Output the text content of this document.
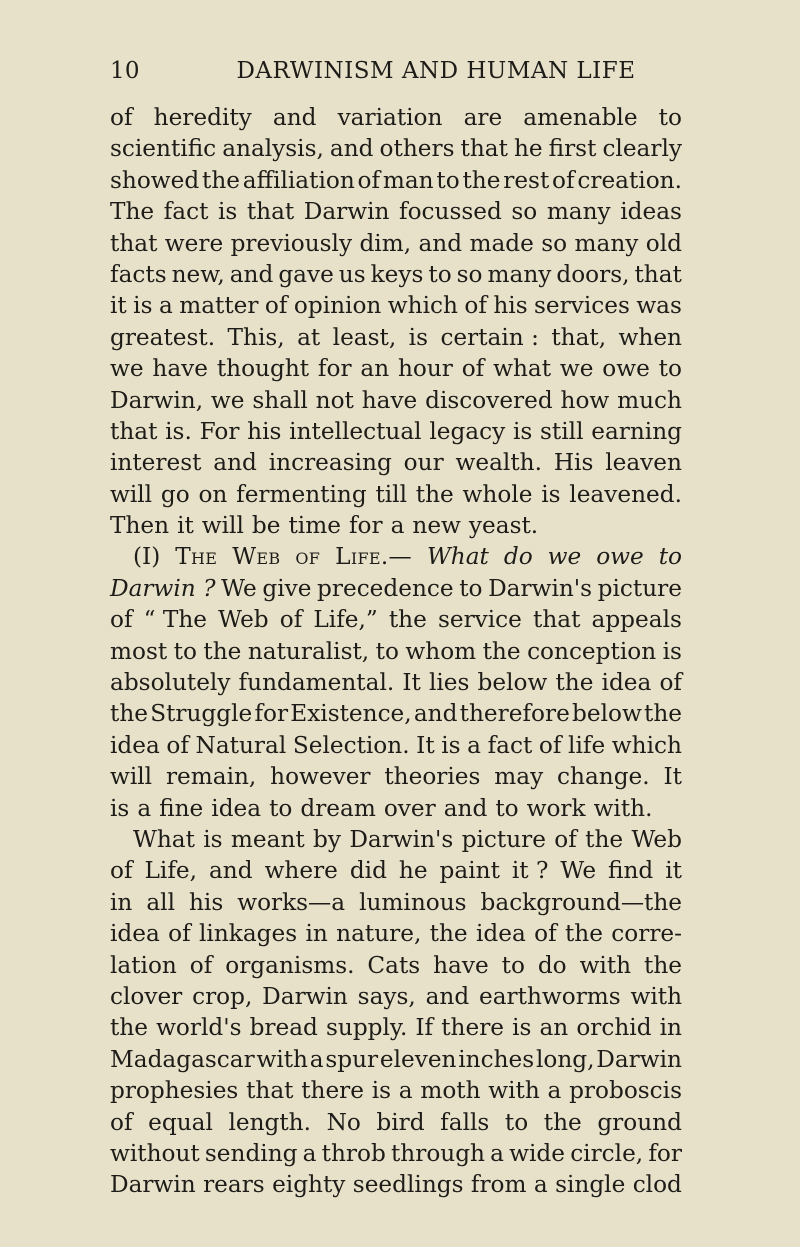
10	DARWINISM AND HUMAN LIFE
of heredity and variation are amenable to
scientific analysis, and others that he first clearly
showed the affiliation of man to the rest of creation.
The fact is that Darwin focussed so many ideas
that were previously dim, and made so many old
facts new, and gave us keys to so many doors, that
it is a matter of opinion which of his services was
greatest. This, at least, is certain : that, when
we have thought for an hour of what we owe to
Darwin, we shall not have discovered how much
that is. For his intellectual legacy is still earning
interest and increasing our wealth. His leaven
will go on fermenting till the whole is leavened.
Then it will be time for a new yeast.
(I) The Web of Life.— What do we owe to
Darwin ? We give precedence to Darwin's picture
of “ The Web of Life,” the service that appeals
most to the naturalist, to whom the conception is
absolutely fundamental. It lies below the idea of
the Struggle for Existence, and therefore below the
idea of Natural Selection. It is a fact of life which
will remain, however theories may change. It
is a fine idea to dream over and to work with.
What is meant by Darwin's picture of the Web
of Life, and where did he paint it ? We find it
in all his works—a luminous background—the
idea of linkages in nature, the idea of the corre-
lation of organisms. Cats have to do with the
clover crop, Darwin says, and earthworms with
the world's bread supply. If there is an orchid in
Madagascar with a spur eleven inches long, Darwin
prophesies that there is a moth with a proboscis
of equal length. No bird falls to the ground
without sending a throb through a wide circle, for
Darwin rears eighty seedlings from a single clod
